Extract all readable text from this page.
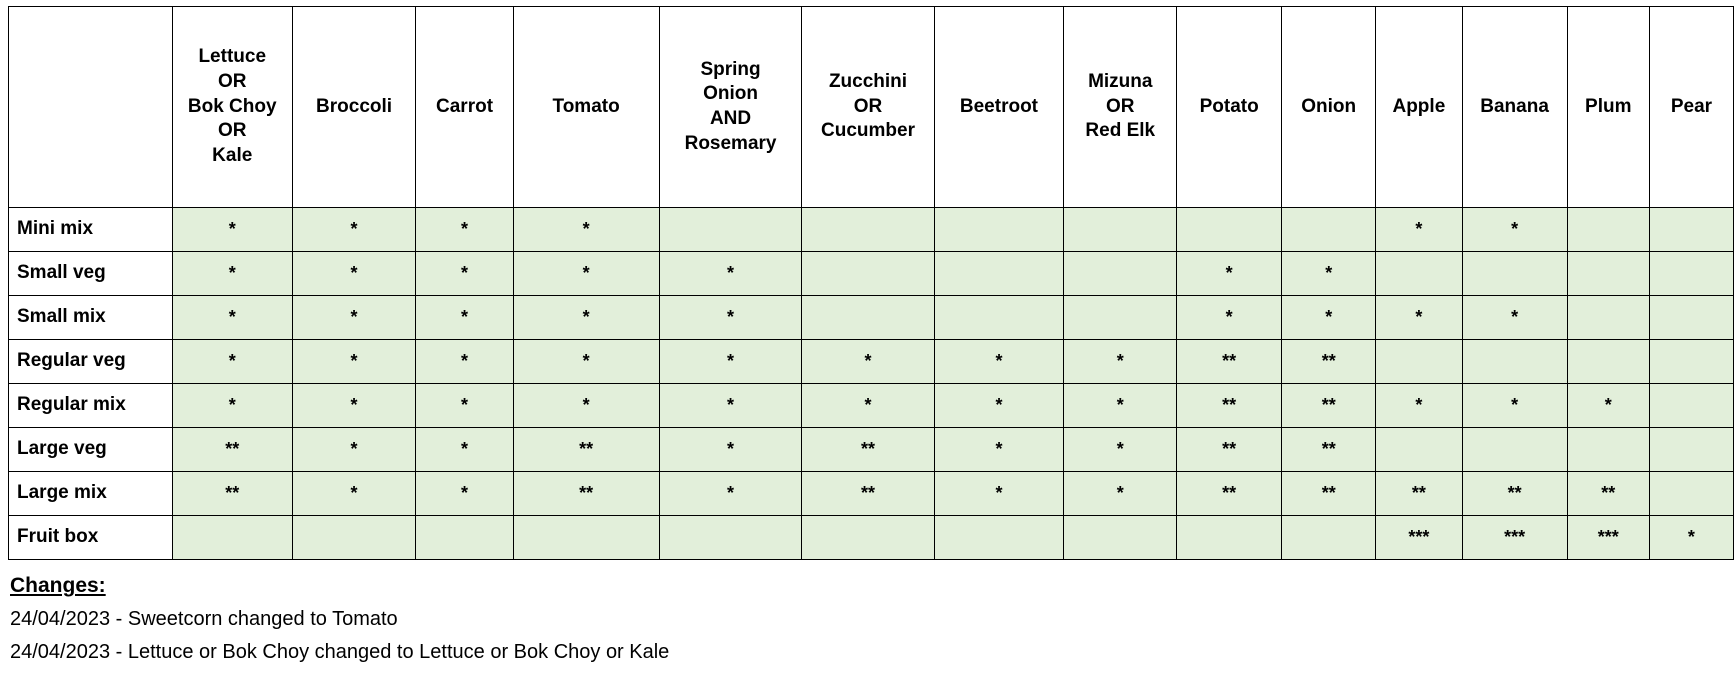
	Lettuce
OR
Bok Choy
OR
Kale	Broccoli	Carrot	Tomato	Spring
Onion
AND
Rosemary	Zucchini
OR
Cucumber	Beetroot	Mizuna
OR
Red Elk	Potato	Onion	Apple	Banana	Plum	Pear

Mini mix	*	*	*	*							*	*		
Small veg	*	*	*	*	*				*	*				
Small mix	*	*	*	*	*				*	*	*	*		
Regular veg	*	*	*	*	*	*	*	*	**	**				
Regular mix	*	*	*	*	*	*	*	*	**	**	*	*	*	
Large veg	**	*	*	**	*	**	*	*	**	**				
Large mix	**	*	*	**	*	**	*	*	**	**	**	**	**	
Fruit box											***	***	***	*
Changes:
24/04/2023 - Sweetcorn changed to Tomato
24/04/2023 - Lettuce or Bok Choy changed to Lettuce or Bok Choy or Kale
